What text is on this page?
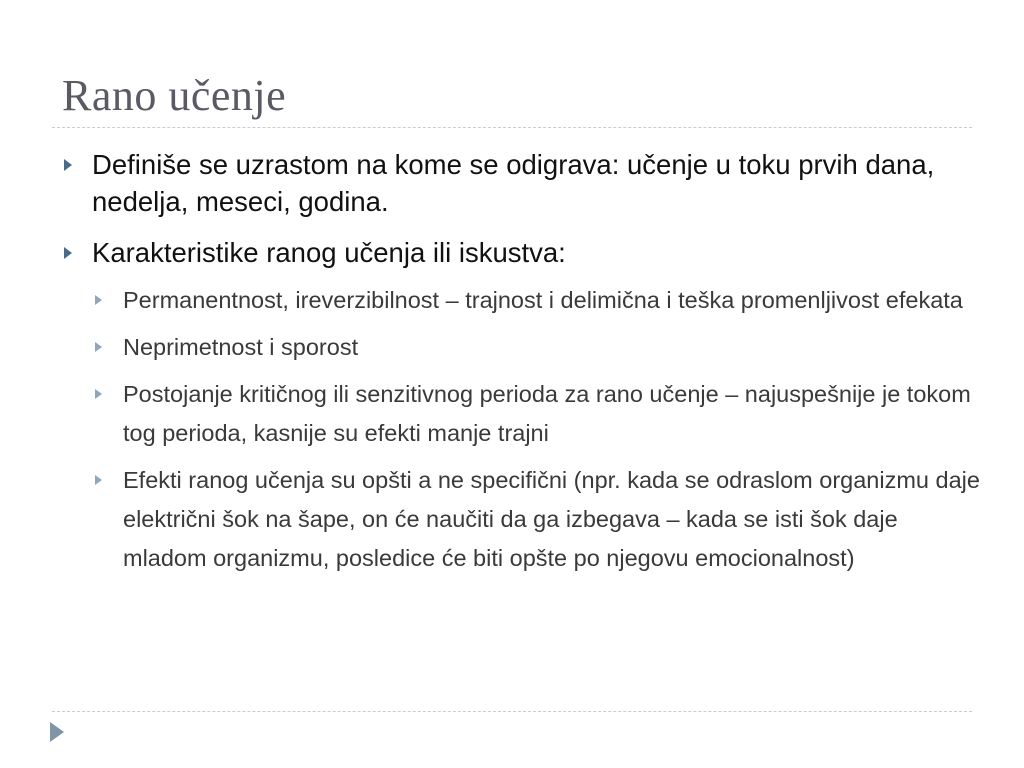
Rano učenje
Definiše se uzrastom na kome se odigrava: učenje u toku prvih dana, nedelja, meseci, godina.
Karakteristike ranog učenja ili iskustva:
Permanentnost, ireverzibilnost – trajnost i delimična i teška promenljivost efekata
Neprimetnost i sporost
Postojanje kritičnog ili senzitivnog perioda za rano učenje – najuspešnije je tokom tog perioda, kasnije su efekti manje trajni
Efekti ranog učenja su opšti a ne specifični (npr. kada se odraslom organizmu daje električni šok na šape, on će naučiti da ga izbegava – kada se isti šok daje mladom organizmu, posledice će biti opšte po njegovu emocionalnost)
